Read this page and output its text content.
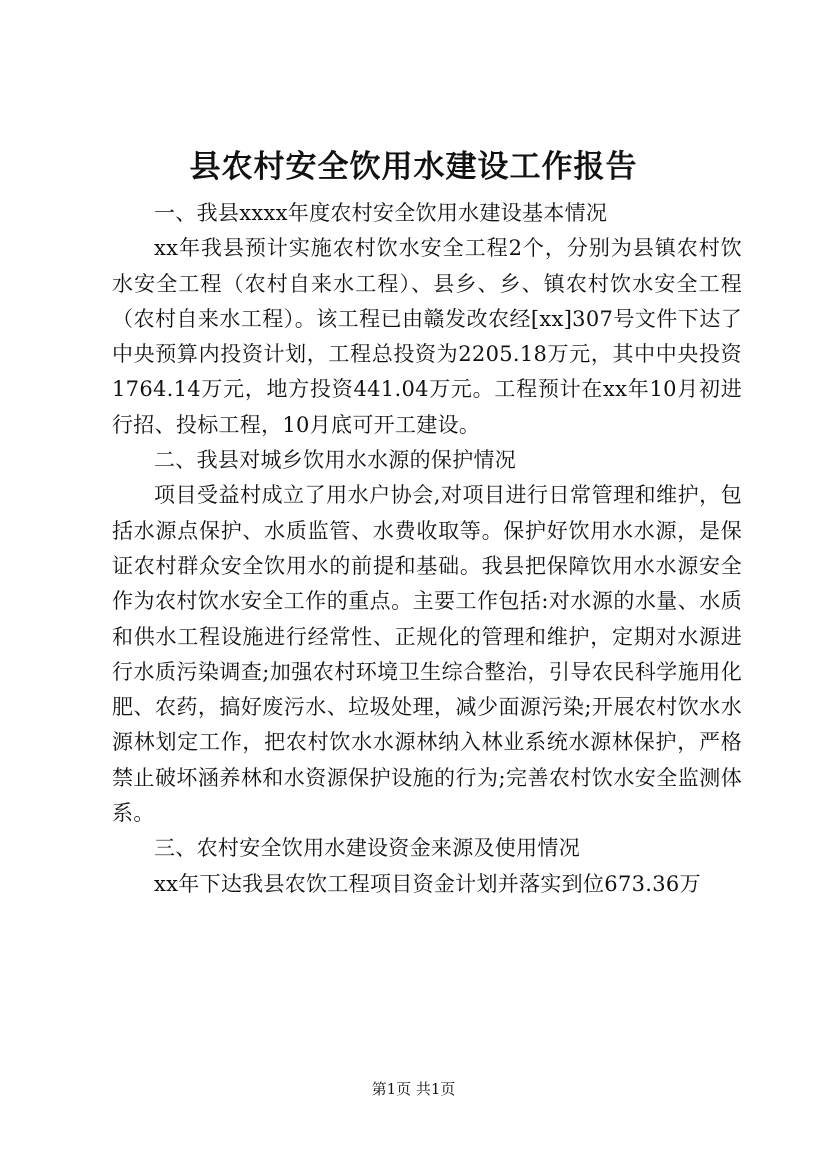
县农村安全饮用水建设工作报告

一、我县xxxx年度农村安全饮用水建设基本情况

xx年我县预计实施农村饮水安全工程2个，分别为县镇农村饮水安全工程（农村自来水工程）、县乡、乡、镇农村饮水安全工程（农村自来水工程）。该工程已由赣发改农经[xx]307号文件下达了中央预算内投资计划，工程总投资为2205.18万元，其中中央投资1764.14万元，地方投资441.04万元。工程预计在xx年10月初进行招、投标工程，10月底可开工建设。

二、我县对城乡饮用水水源的保护情况

项目受益村成立了用水户协会,对项目进行日常管理和维护，包括水源点保护、水质监管、水费收取等。保护好饮用水水源，是保证农村群众安全饮用水的前提和基础。我县把保障饮用水水源安全作为农村饮水安全工作的重点。主要工作包括:对水源的水量、水质和供水工程设施进行经常性、正规化的管理和维护，定期对水源进行水质污染调查;加强农村环境卫生综合整治，引导农民科学施用化肥、农药，搞好废污水、垃圾处理，减少面源污染;开展农村饮水水源林划定工作，把农村饮水水源林纳入林业系统水源林保护，严格禁止破坏涵养林和水资源保护设施的行为;完善农村饮水安全监测体系。

三、农村安全饮用水建设资金来源及使用情况

xx年下达我县农饮工程项目资金计划并落实到位673.36万

第1页 共1页
